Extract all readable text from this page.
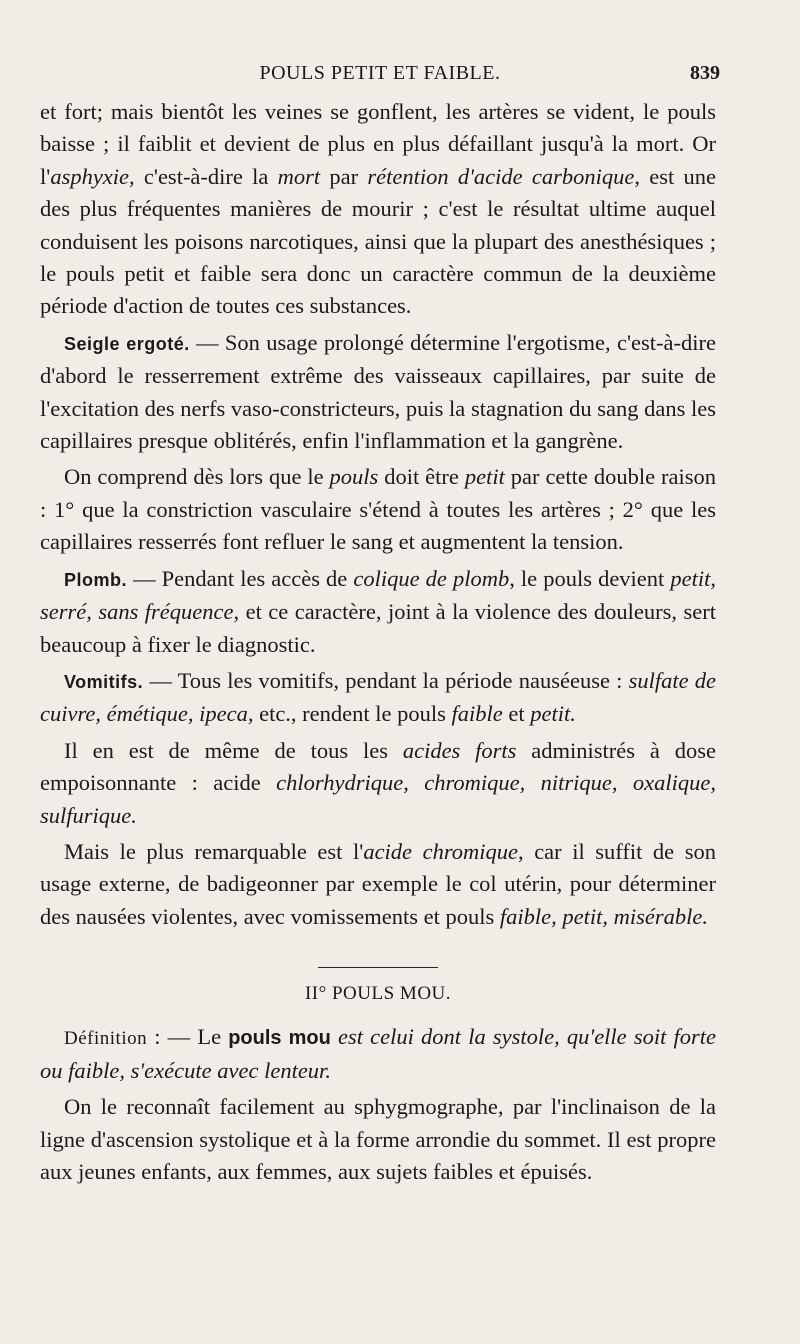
POULS PETIT ET FAIBLE.	839

et fort; mais bientôt les veines se gonflent, les artères se vident, le pouls baisse ; il faiblit et devient de plus en plus défaillant jusqu'à la mort. Or l'asphyxie, c'est-à-dire la mort par rétention d'acide carbonique, est une des plus fréquentes manières de mourir ; c'est le résultat ultime auquel conduisent les poisons narcotiques, ainsi que la plupart des anesthésiques ; le pouls petit et faible sera donc un caractère commun de la deuxième période d'action de toutes ces substances.

Seigle ergoté. — Son usage prolongé détermine l'ergotisme, c'est-à-dire d'abord le resserrement extrême des vaisseaux capillaires, par suite de l'excitation des nerfs vaso-constricteurs, puis la stagnation du sang dans les capillaires presque oblitérés, enfin l'inflammation et la gangrène.

On comprend dès lors que le pouls doit être petit par cette double raison : 1° que la constriction vasculaire s'étend à toutes les artères ; 2° que les capillaires resserrés font refluer le sang et augmentent la tension.

Plomb. — Pendant les accès de colique de plomb, le pouls devient petit, serré, sans fréquence, et ce caractère, joint à la violence des douleurs, sert beaucoup à fixer le diagnostic.

Vomitifs. — Tous les vomitifs, pendant la période nauséeuse : sulfate de cuivre, émétique, ipeca, etc., rendent le pouls faible et petit.

Il en est de même de tous les acides forts administrés à dose empoisonnante : acide chlorhydrique, chromique, nitrique, oxalique, sulfurique.

Mais le plus remarquable est l'acide chromique, car il suffit de son usage externe, de badigeonner par exemple le col utérin, pour déterminer des nausées violentes, avec vomissements et pouls faible, petit, misérable.

II° POULS MOU.

Définition : — Le pouls mou est celui dont la systole, qu'elle soit forte ou faible, s'exécute avec lenteur.

On le reconnaît facilement au sphygmographe, par l'inclinaison de la ligne d'ascension systolique et à la forme arrondie du sommet. Il est propre aux jeunes enfants, aux femmes, aux sujets faibles et épuisés.
